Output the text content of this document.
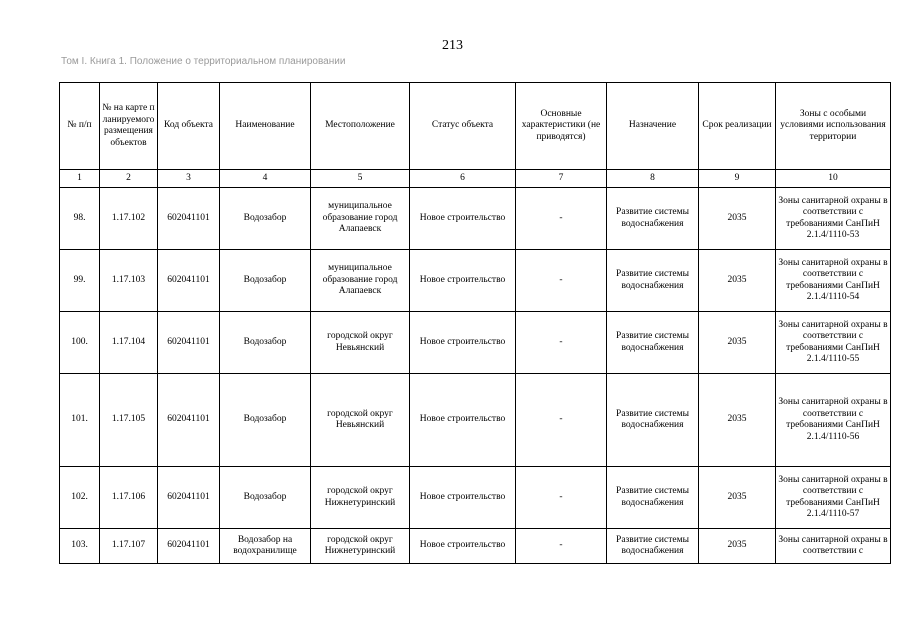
213
Том I. Книга 1. Положение о территориальном планировании
№ п/п	№ на карте планируемого размещения объектов	Код объекта	Наименование	Местоположение	Статус объекта	Основные характеристики (не приводятся)	Назначение	Срок реализации	Зоны с особыми условиями использования территории
1	2	3	4	5	6	7	8	9	10
98.	1.17.102	602041101	Водозабор	муниципальное образование город Алапаевск	Новое строительство	-	Развитие системы водоснабжения	2035	Зоны санитарной охраны в соответствии с требованиями СанПиН 2.1.4/1110-53
99.	1.17.103	602041101	Водозабор	муниципальное образование город Алапаевск	Новое строительство	-	Развитие системы водоснабжения	2035	Зоны санитарной охраны в соответствии с требованиями СанПиН 2.1.4/1110-54
100.	1.17.104	602041101	Водозабор	городской округ Невьянский	Новое строительство	-	Развитие системы водоснабжения	2035	Зоны санитарной охраны в соответствии с требованиями СанПиН 2.1.4/1110-55
101.	1.17.105	602041101	Водозабор	городской округ Невьянский	Новое строительство	-	Развитие системы водоснабжения	2035	Зоны санитарной охраны в соответствии с требованиями СанПиН 2.1.4/1110-56
102.	1.17.106	602041101	Водозабор	городской округ Нижнетуринский	Новое строительство	-	Развитие системы водоснабжения	2035	Зоны санитарной охраны в соответствии с требованиями СанПиН 2.1.4/1110-57
103.	1.17.107	602041101	Водозабор на водохранилище	городской округ Нижнетуринский	Новое строительство	-	Развитие системы водоснабжения	2035	Зоны санитарной охраны в соответствии с
